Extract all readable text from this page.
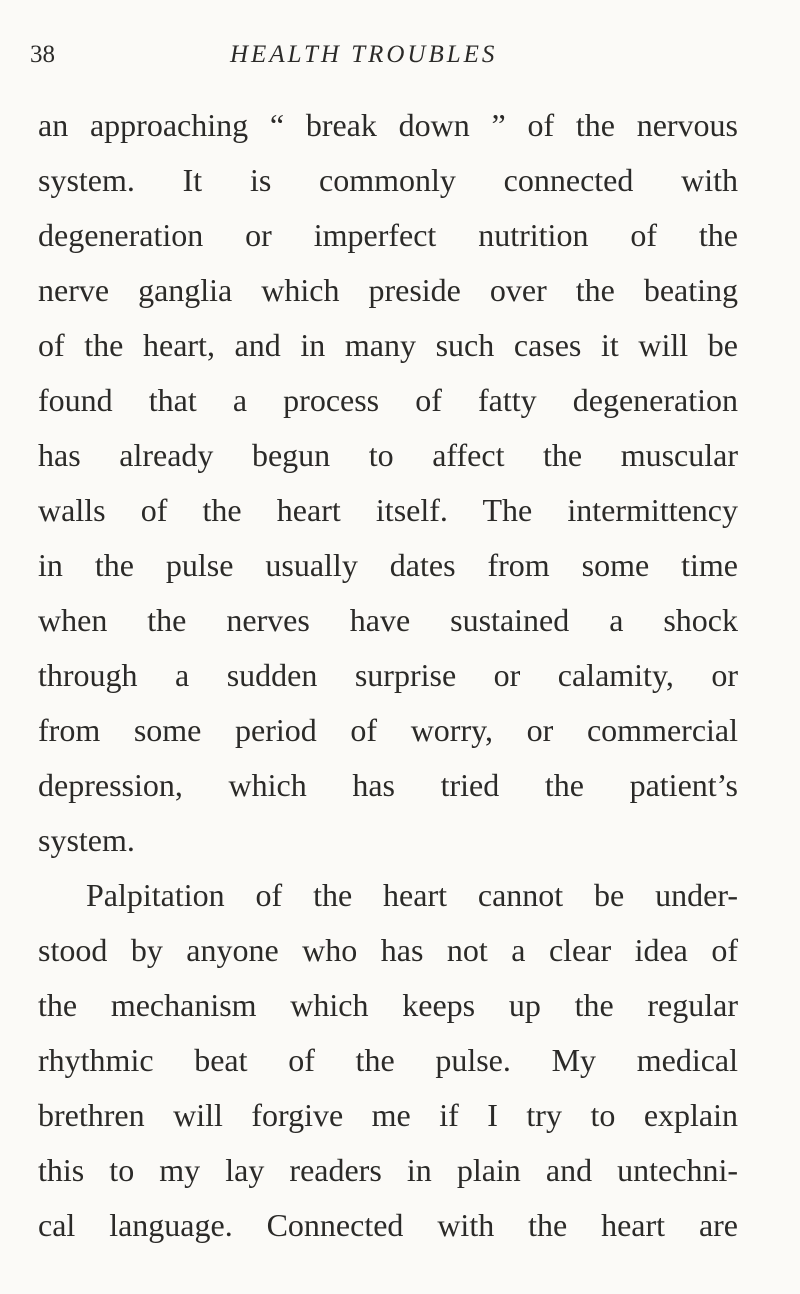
38	HEALTH TROUBLES
an approaching “ break down ” of the nervous
system. It is commonly connected with
degeneration or imperfect nutrition of the
nerve ganglia which preside over the beating
of the heart, and in many such cases it will be
found that a process of fatty degeneration
has already begun to affect the muscular
walls of the heart itself. The intermittency
in the pulse usually dates from some time
when the nerves have sustained a shock
through a sudden surprise or calamity, or
from some period of worry, or commercial
depression, which has tried the patient’s
system.
Palpitation of the heart cannot be under-
stood by anyone who has not a clear idea of
the mechanism which keeps up the regular
rhythmic beat of the pulse. My medical
brethren will forgive me if I try to explain
this to my lay readers in plain and untechni-
cal language. Connected with the heart are
